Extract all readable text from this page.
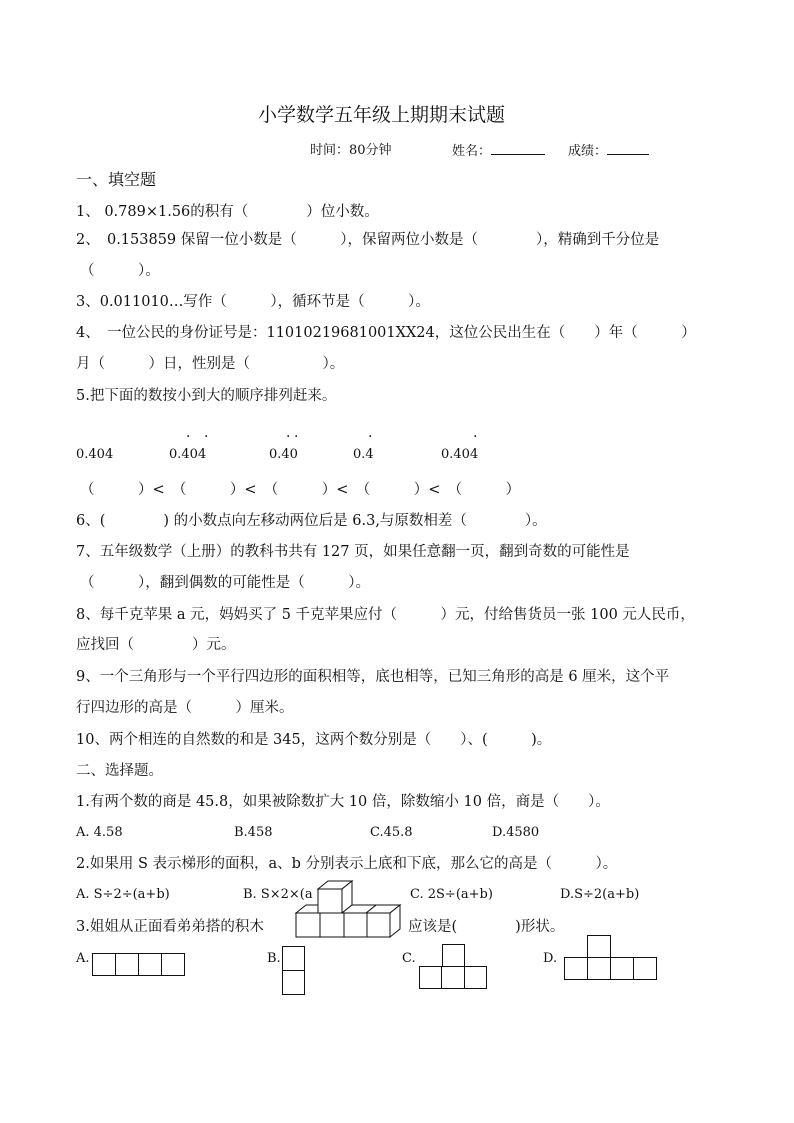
小学数学五年级上期期末试题
时间：80分钟	姓名：	成绩：
一、填空题
1、 0.789×1.56的积有（　　　　）位小数。
2、　0.153859 保留一位小数是（　　　），保留两位小数是（　　　　），精确到千分位是
（　　　）。
3、0.011010…写作（　　　），循环节是（　　　）。
4、　一位公民的身份证号是：11010219681001XX24，这位公民出生在（　　）年（　　　）
月（　　　）日，性别是（　　　　　）。
5.把下面的数按小到大的顺序排列赶来。
0.404	0.404	0.40	0.4	0.404
· ·	· ·	·	·
（　　　）<　（　　　）<　（　　　）<　（　　　）<　（　　　）
6、(　　　　) 的小数点向左移动两位后是 6.3,与原数相差（　　　　）。
7、五年级数学（上册）的教科书共有 127 页，如果任意翻一页，翻到奇数的可能性是
（　　　），翻到偶数的可能性是（　　　）。
8、每千克苹果 a 元，妈妈买了 5 千克苹果应付（　　　）元，付给售货员一张 100 元人民币，
应找回（　　　　）元。
9、一个三角形与一个平行四边形的面积相等，底也相等，已知三角形的高是 6 厘米，这个平
行四边形的高是（　　　）厘米。
10、两个相连的自然数的和是 345，这两个数分别是（　　）、(　　　)。
二、选择题。
1.有两个数的商是 45.8，如果被除数扩大 10 倍，除数缩小 10 倍，商是（　　）。
A. 4.58	B.458	C.45.8	D.4580
2.如果用 S 表示梯形的面积，a、b 分别表示上底和下底，那么它的高是（　　　）。
A. S÷2÷(a+b)	B. S×2×(a	C. 2S÷(a+b)	D.S÷2(a+b)
3.姐姐从正面看弟弟搭的积木	应该是(　　　　)形状。
A.	B.	C.	D.
